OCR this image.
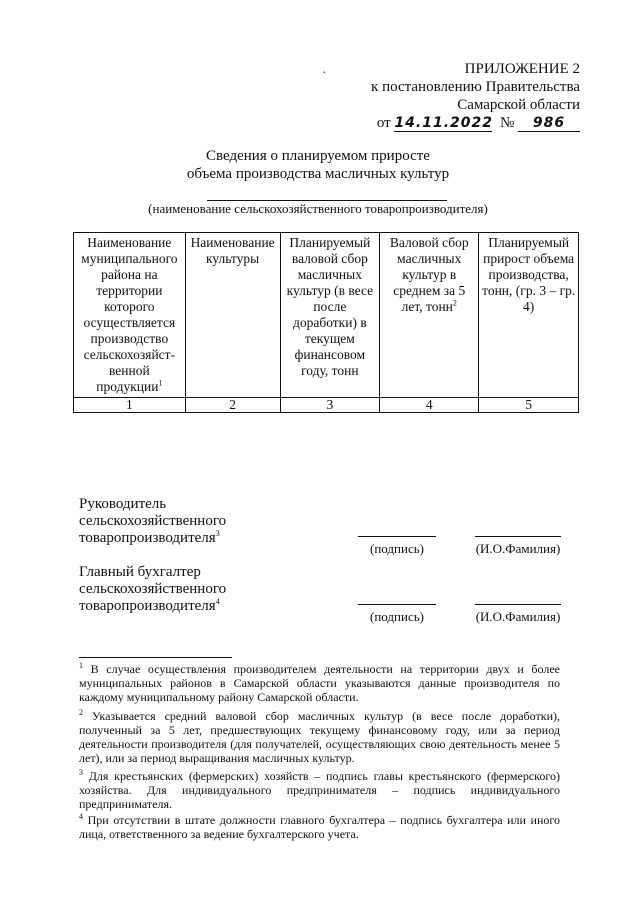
·	ПРИЛОЖЕНИЕ 2
к постановлению Правительства
Самарской области
от 14.11.2022 № 986
Сведения о планируемом приросте
объема производства масличных культур
(наименование сельскохозяйственного товаропроизводителя)
Наименование муниципального района на территории которого осуществляется производство сельскохозяйст-венной продукции$^1$	Наименование культуры	Планируемый валовой сбор масличных культур (в весе после доработки) в текущем финансовом году, тонн	Валовой сбор масличных культур в среднем за 5 лет, тонн$^2$	Планируемый прирост объема производства, тонн, (гр. 3 – гр. 4)
1	2	3	4	5
Руководитель
сельскохозяйственного
товаропроизводителя$^3$
(подпись)	(И.О.Фамилия)
Главный бухгалтер
сельскохозяйственного
товаропроизводителя$^4$
(подпись)	(И.О.Фамилия)
$^1$ В случае осуществления производителем деятельности на территории двух и более муниципальных районов в Самарской области указываются данные производителя по каждому муниципальному району Самарской области.
$^2$ Указывается средний валовой сбор масличных культур (в весе после доработки), полученный за 5 лет, предшествующих текущему финансовому году, или за период деятельности производителя (для получателей, осуществляющих свою деятельность менее 5 лет), или за период выращивания масличных культур.
$^3$ Для крестьянских (фермерских) хозяйств – подпись главы крестьянского (фермерского) хозяйства. Для индивидуального предпринимателя – подпись индивидуального предпринимателя.
$^4$ При отсутствии в штате должности главного бухгалтера – подпись бухгалтера или иного лица, ответственного за ведение бухгалтерского учета.
